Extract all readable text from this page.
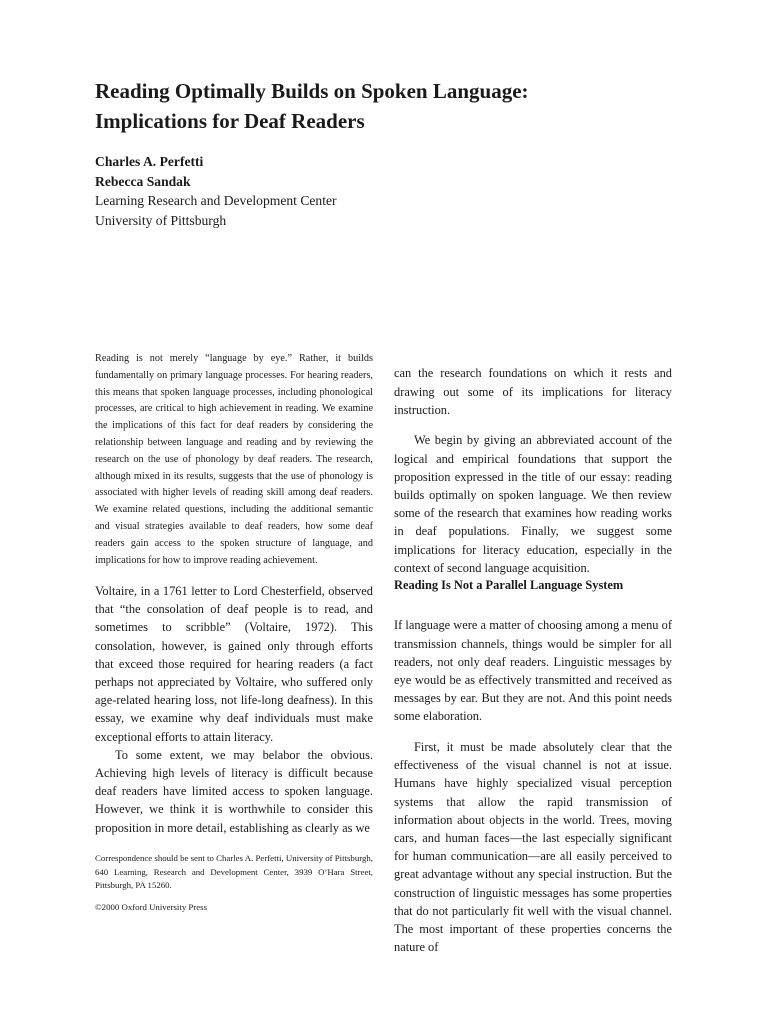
Reading Optimally Builds on Spoken Language:
Implications for Deaf Readers
Charles A. Perfetti
Rebecca Sandak
Learning Research and Development Center
University of Pittsburgh
Reading is not merely “language by eye.” Rather, it builds fundamentally on primary language processes. For hearing readers, this means that spoken language processes, including phonological processes, are critical to high achievement in reading. We examine the implications of this fact for deaf readers by considering the relationship between language and reading and by reviewing the research on the use of phonology by deaf readers. The research, although mixed in its results, suggests that the use of phonology is associated with higher levels of reading skill among deaf readers. We examine related questions, including the additional semantic and visual strategies available to deaf readers, how some deaf readers gain access to the spoken structure of language, and implications for how to improve reading achievement.

Voltaire, in a 1761 letter to Lord Chesterfield, observed that “the consolation of deaf people is to read, and sometimes to scribble” (Voltaire, 1972). This consolation, however, is gained only through efforts that exceed those required for hearing readers (a fact perhaps not appreciated by Voltaire, who suffered only age-related hearing loss, not life-long deafness). In this essay, we examine why deaf individuals must make exceptional efforts to attain literacy.

To some extent, we may belabor the obvious. Achieving high levels of literacy is difficult because deaf readers have limited access to spoken language. However, we think it is worthwhile to consider this proposition in more detail, establishing as clearly as we

Correspondence should be sent to Charles A. Perfetti, University of Pittsburgh, 640 Learning, Research and Development Center, 3939 O’Hara Street, Pittsburgh, PA 15260.
©2000 Oxford University Press

can the research foundations on which it rests and drawing out some of its implications for literacy instruction.

We begin by giving an abbreviated account of the logical and empirical foundations that support the proposition expressed in the title of our essay: reading builds optimally on spoken language. We then review some of the research that examines how reading works in deaf populations. Finally, we suggest some implications for literacy education, especially in the context of second language acquisition.

Reading Is Not a Parallel Language System

If language were a matter of choosing among a menu of transmission channels, things would be simpler for all readers, not only deaf readers. Linguistic messages by eye would be as effectively transmitted and received as messages by ear. But they are not. And this point needs some elaboration.

First, it must be made absolutely clear that the effectiveness of the visual channel is not at issue. Humans have highly specialized visual perception systems that allow the rapid transmission of information about objects in the world. Trees, moving cars, and human faces—the last especially significant for human communication—are all easily perceived to great advantage without any special instruction. But the construction of linguistic messages has some properties that do not particularly fit well with the visual channel. The most important of these properties concerns the nature of
